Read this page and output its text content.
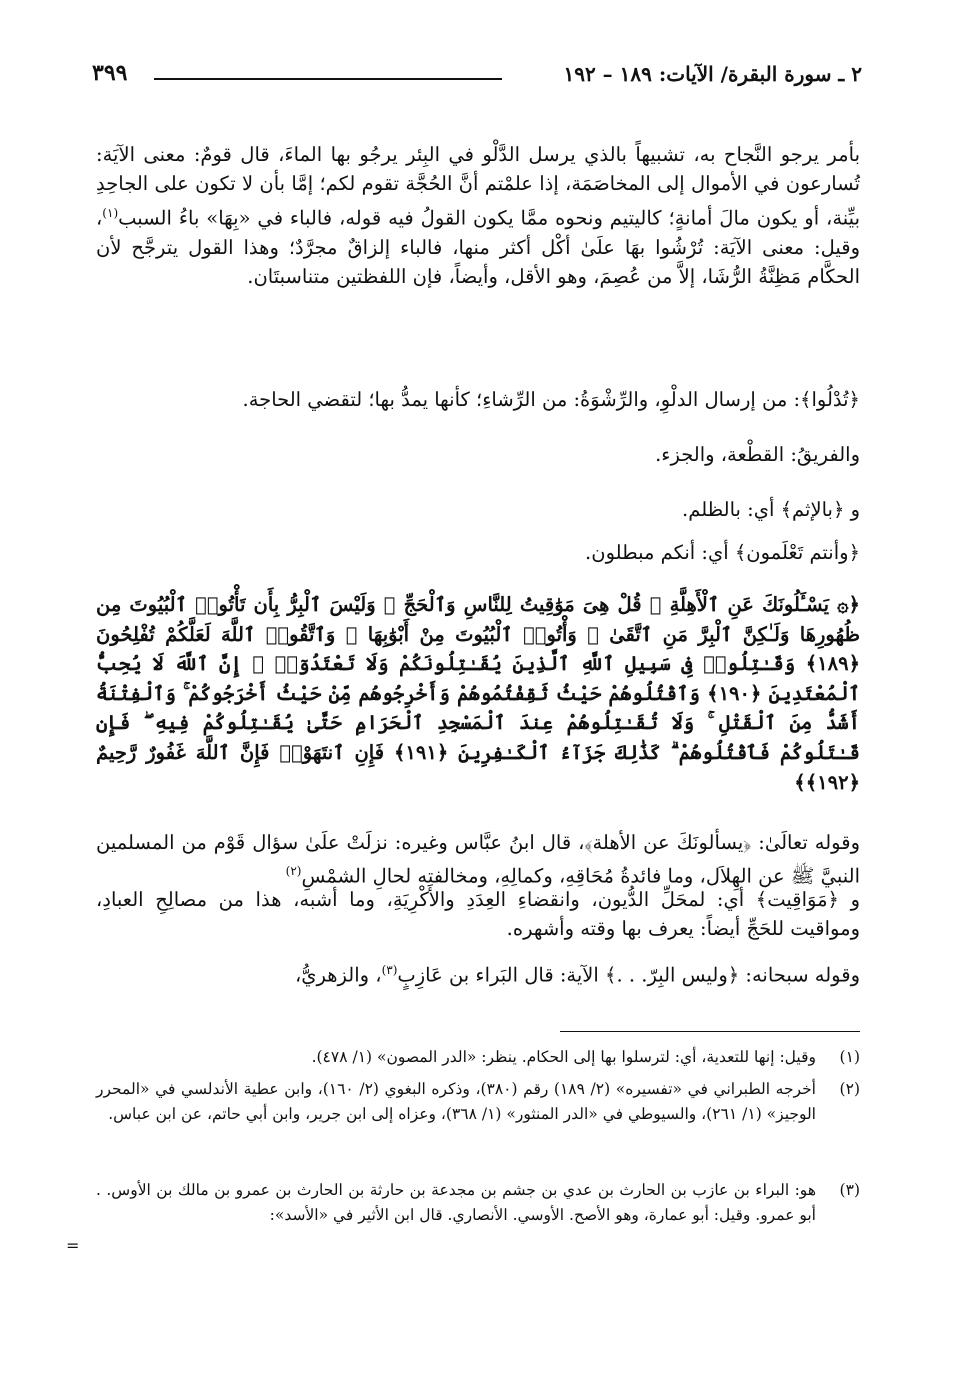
٢ ـ سورة البقرة/ الآيات: ١٨٩ – ١٩٢
٣٩٩

بأمر يرجو النَّجاح به، تشبيهاً بالذي يرسل الدَّلْو في البِئر يرجُو بها الماءَ، قال قومٌ: معنى الآيَة: تُسارعون في الأموال إلى المخاصَمَة، إذا علمْتم أنَّ الحُجَّة تقوم لكم؛ إمَّا بأن لا تكون على الجاحِدِ بيِّنة، أو يكون مالَ أمانةٍ؛ كاليتيم ونحوه ممَّا يكون القولُ فيه قوله، فالباء في «بِهَا» باءُ السبب$^{(١)}$، وقيل: معنى الآيَة: تُرْشُوا بهَا علَىٰ أكْل أكثر منها، فالباء إلزاقٌ مجرَّدٌ؛ وهذا القول يترجَّح لأن الحكَّام مَظِنَّةُ الرُّشَا، إلاَّ من عُصِمَ، وهو الأقل، وأيضاً، فإن اللفظتين متناسبتَان.

﴿تُدْلُوا﴾: من إرسال الدلْوِ، والرِّشْوَةُ: من الرِّشاءِ؛ كأنها يمدُّ بها؛ لتقضي الحاجة.
والفريقُ: القطْعة، والجزء.
و ﴿بالإثم﴾ أي: بالظلم.
﴿وأنتم تَعْلَمون﴾ أي: أنكم مبطلون.
﴿۞ يَسْـَٔلُونَكَ عَنِ ٱلْأَهِلَّةِ ۖ قُلْ هِىَ مَوَٰقِيتُ لِلنَّاسِ وَٱلْحَجِّ ۗ وَلَيْسَ ٱلْبِرُّ بِأَن تَأْتُوا۟ ٱلْبُيُوتَ مِن ظُهُورِهَا وَلَـٰكِنَّ ٱلْبِرَّ مَنِ ٱتَّقَىٰ ۗ وَأْتُوا۟ ٱلْبُيُوتَ مِنْ أَبْوَٰبِهَا ۚ وَٱتَّقُوا۟ ٱللَّهَ لَعَلَّكُمْ تُفْلِحُونَ ﴿١٨٩﴾ وَقَـٰتِلُوا۟ فِى سَبِيلِ ٱللَّهِ ٱلَّذِينَ يُقَـٰتِلُونَكُمْ وَلَا تَعْتَدُوٓا۟ ۚ إِنَّ ٱللَّهَ لَا يُحِبُّ ٱلْمُعْتَدِينَ ﴿١٩٠﴾ وَٱقْتُلُوهُمْ حَيْثُ ثَقِفْتُمُوهُمْ وَأَخْرِجُوهُم مِّنْ حَيْثُ أَخْرَجُوكُمْ ۚ وَٱلْفِتْنَةُ أَشَدُّ مِنَ ٱلْقَتْلِ ۚ وَلَا تُقَـٰتِلُوهُمْ عِندَ ٱلْمَسْجِدِ ٱلْحَرَامِ حَتَّىٰ يُقَـٰتِلُوكُمْ فِيهِ ۖ فَإِن قَـٰتَلُوكُمْ فَٱقْتُلُوهُمْ ۗ كَذَٰلِكَ جَزَآءُ ٱلْكَـٰفِرِينَ ﴿١٩١﴾ فَإِنِ ٱنتَهَوْا۟ فَإِنَّ ٱللَّهَ غَفُورٌ رَّحِيمٌ ﴿١٩٢﴾﴾

وقوله تعالَىٰ: ﴿يسألونَكَ عن الأهلة﴾، قال ابنُ عبَّاس وغيره: نزلَتْ علَىٰ سؤال قَوْم من المسلمين النبيَّ ﷺ عن الهِلاَل، وما فائدةُ مُحَاقِهِ، وكمالِهِ، ومخالفته لحالِ الشمْسِ$^{(٢)}$

و ﴿مَوَاقِيت﴾ أي: لمحَلِّ الدُّيون، وانقضاءِ العِدَدِ والأَكْرِيَةِ، وما أشبه، هذا من مصالِحِ العبادِ، ومواقيت للحَجِّ أيضاً: يعرف بها وقته وأشهره.

وقوله سبحانه: ﴿وليس البِرّ. . .﴾ الآية: قال البَراء بن عَازِبٍ$^{(٣)}$، والزهريُّ،

(١)
وقيل: إنها للتعدية، أي: لترسلوا بها إلى الحكام. ينظر: «الدر المصون» (١/ ٤٧٨).
(٢)
أخرجه الطبراني في «تفسيره» (٢/ ١٨٩) رقم (٣٨٠)، وذكره البغوي (٢/ ١٦٠)، وابن عطية الأندلسي في «المحرر الوجيز» (١/ ٢٦١)، والسيوطي في «الدر المنثور» (١/ ٣٦٨)، وعزاه إلى ابن جرير، وابن أبي حاتم، عن ابن عباس.
(٣)
هو: البراء بن عازب بن الحارث بن عدي بن جشم بن مجدعة بن حارثة بن الحارث بن عمرو بن مالك بن الأوس. . أبو عمرو. وقيل: أبو عمارة، وهو الأصح. الأوسي. الأنصاري. قال ابن الأثير في «الأسد»:
=
